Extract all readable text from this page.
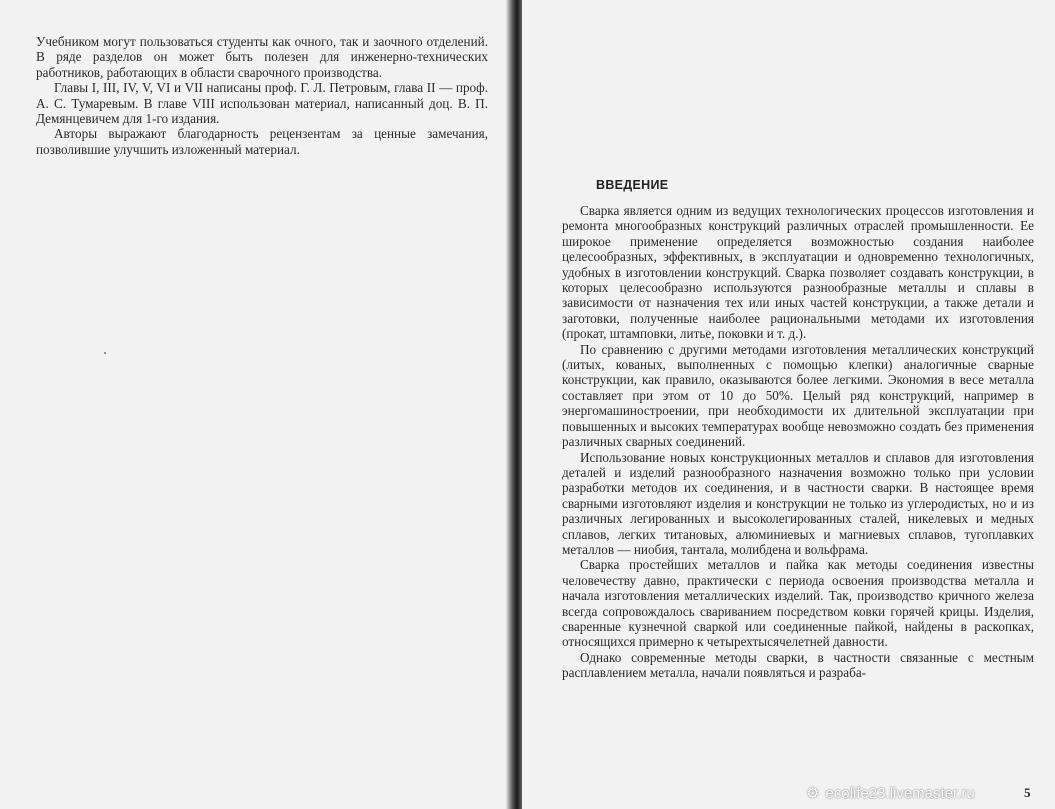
Учебником могут пользоваться студенты как очного, так и заочного отделений. В ряде разделов он может быть полезен для инженерно-технических работников, работающих в области сварочного производства.

Главы I, III, IV, V, VI и VII написаны проф. Г. Л. Петровым, глава II — проф. А. С. Тумаревым. В главе VIII использован материал, написанный доц. В. П. Демянцевичем для 1-го издания.

Авторы выражают благодарность рецензентам за ценные замечания, позволившие улучшить изложенный материал.

ВВЕДЕНИЕ

Сварка является одним из ведущих технологических процессов изготовления и ремонта многообразных конструкций различных отраслей промышленности. Ее широкое применение определяется возможностью создания наиболее целесообразных, эффективных, в эксплуатации и одновременно технологичных, удобных в изготовлении конструкций. Сварка позволяет создавать конструкции, в которых целесообразно используются разнообразные металлы и сплавы в зависимости от назначения тех или иных частей конструкции, а также детали и заготовки, полученные наиболее рациональными методами их изготовления (прокат, штамповки, литье, поковки и т. д.).

По сравнению с другими методами изготовления металлических конструкций (литых, кованых, выполненных с помощью клепки) аналогичные сварные конструкции, как правило, оказываются более легкими. Экономия в весе металла составляет при этом от 10 до 50%. Целый ряд конструкций, например в энергомашиностроении, при необходимости их длительной эксплуатации при повышенных и высоких температурах вообще невозможно создать без применения различных сварных соединений.

Использование новых конструкционных металлов и сплавов для изготовления деталей и изделий разнообразного назначения возможно только при условии разработки методов их соединения, и в частности сварки. В настоящее время сварными изготовляют изделия и конструкции не только из углеродистых, но и из различных легированных и высоколегированных сталей, никелевых и медных сплавов, легких титановых, алюминиевых и магниевых сплавов, тугоплавких металлов — ниобия, тантала, молибдена и вольфрама.

Сварка простейших металлов и пайка как методы соединения известны человечеству давно, практически с периода освоения производства металла и начала изготовления металлических изделий. Так, производство кричного железа всегда сопровождалось свариванием посредством ковки горячей крицы. Изделия, сваренные кузнечной сваркой или соединенные пайкой, найдены в раскопках, относящихся примерно к четырехтысячелетней давности.

Однако современные методы сварки, в частности связанные с местным расплавлением металла, начали появляться и разраба-

⚙ ecolife23.livemaster.ru	5
